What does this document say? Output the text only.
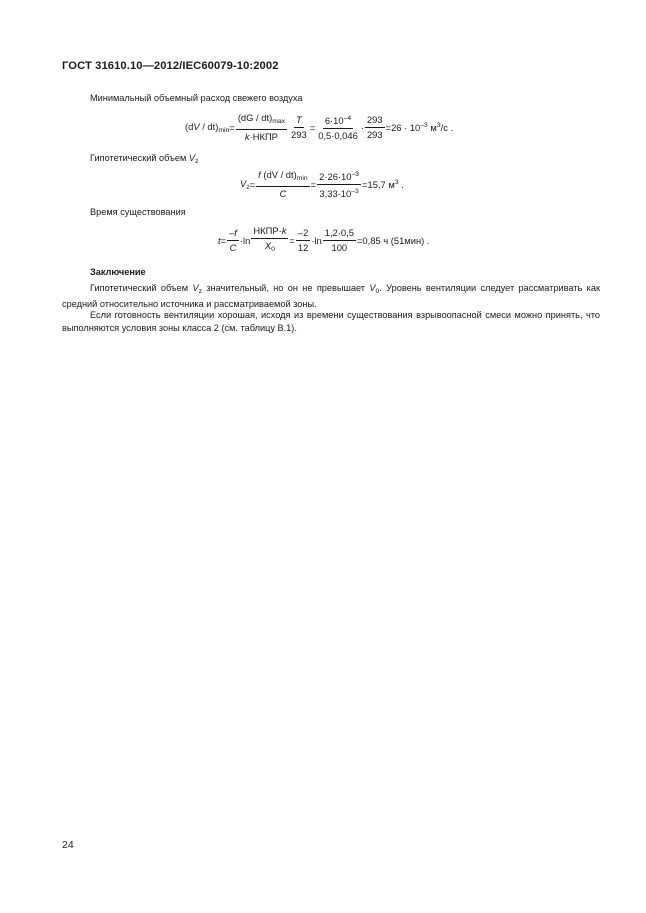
ГОСТ 31610.10—2012/IEC60079-10:2002
Минимальный объемный расход свежего воздуха
$(dV / dt)_{min} = \frac{(dG / dt)_{max}}{\text{k·НКПР}} \frac{T}{293} = \frac{6\cdot 10^{-4}}{0,5\cdot 0,046} \cdot \frac{293}{293} =26 \cdot 10^{-3}$ $м^3/с$ .
Гипотетический объем $V_z$
$V_z = \frac{f (dV / dt)_{min}}{C} = \frac{2\cdot 26\cdot 10^{-3}}{3,33\cdot 10^{-3}} =15,7$ $м^3$ .
Время существования
$t = \frac{-f}{C} \cdot\ln \frac{\text{НКПР·k}}{X_0} = \frac{-2}{12} \cdot\ln \frac{1,2\cdot 0,5}{100} =0,85$ ч (51мин) .
Заключение
Гипотетический объем $V_z$ значительный, но он не превышает $V_0$. Уровень вентиляции следует рассматривать как средний относительно источника и рассматриваемой зоны.
Если готовность вентиляции хорошая, исходя из времени существования взрывоопасной смеси можно принять, что выполняются условия зоны класса 2 (см. таблицу В.1).
24
